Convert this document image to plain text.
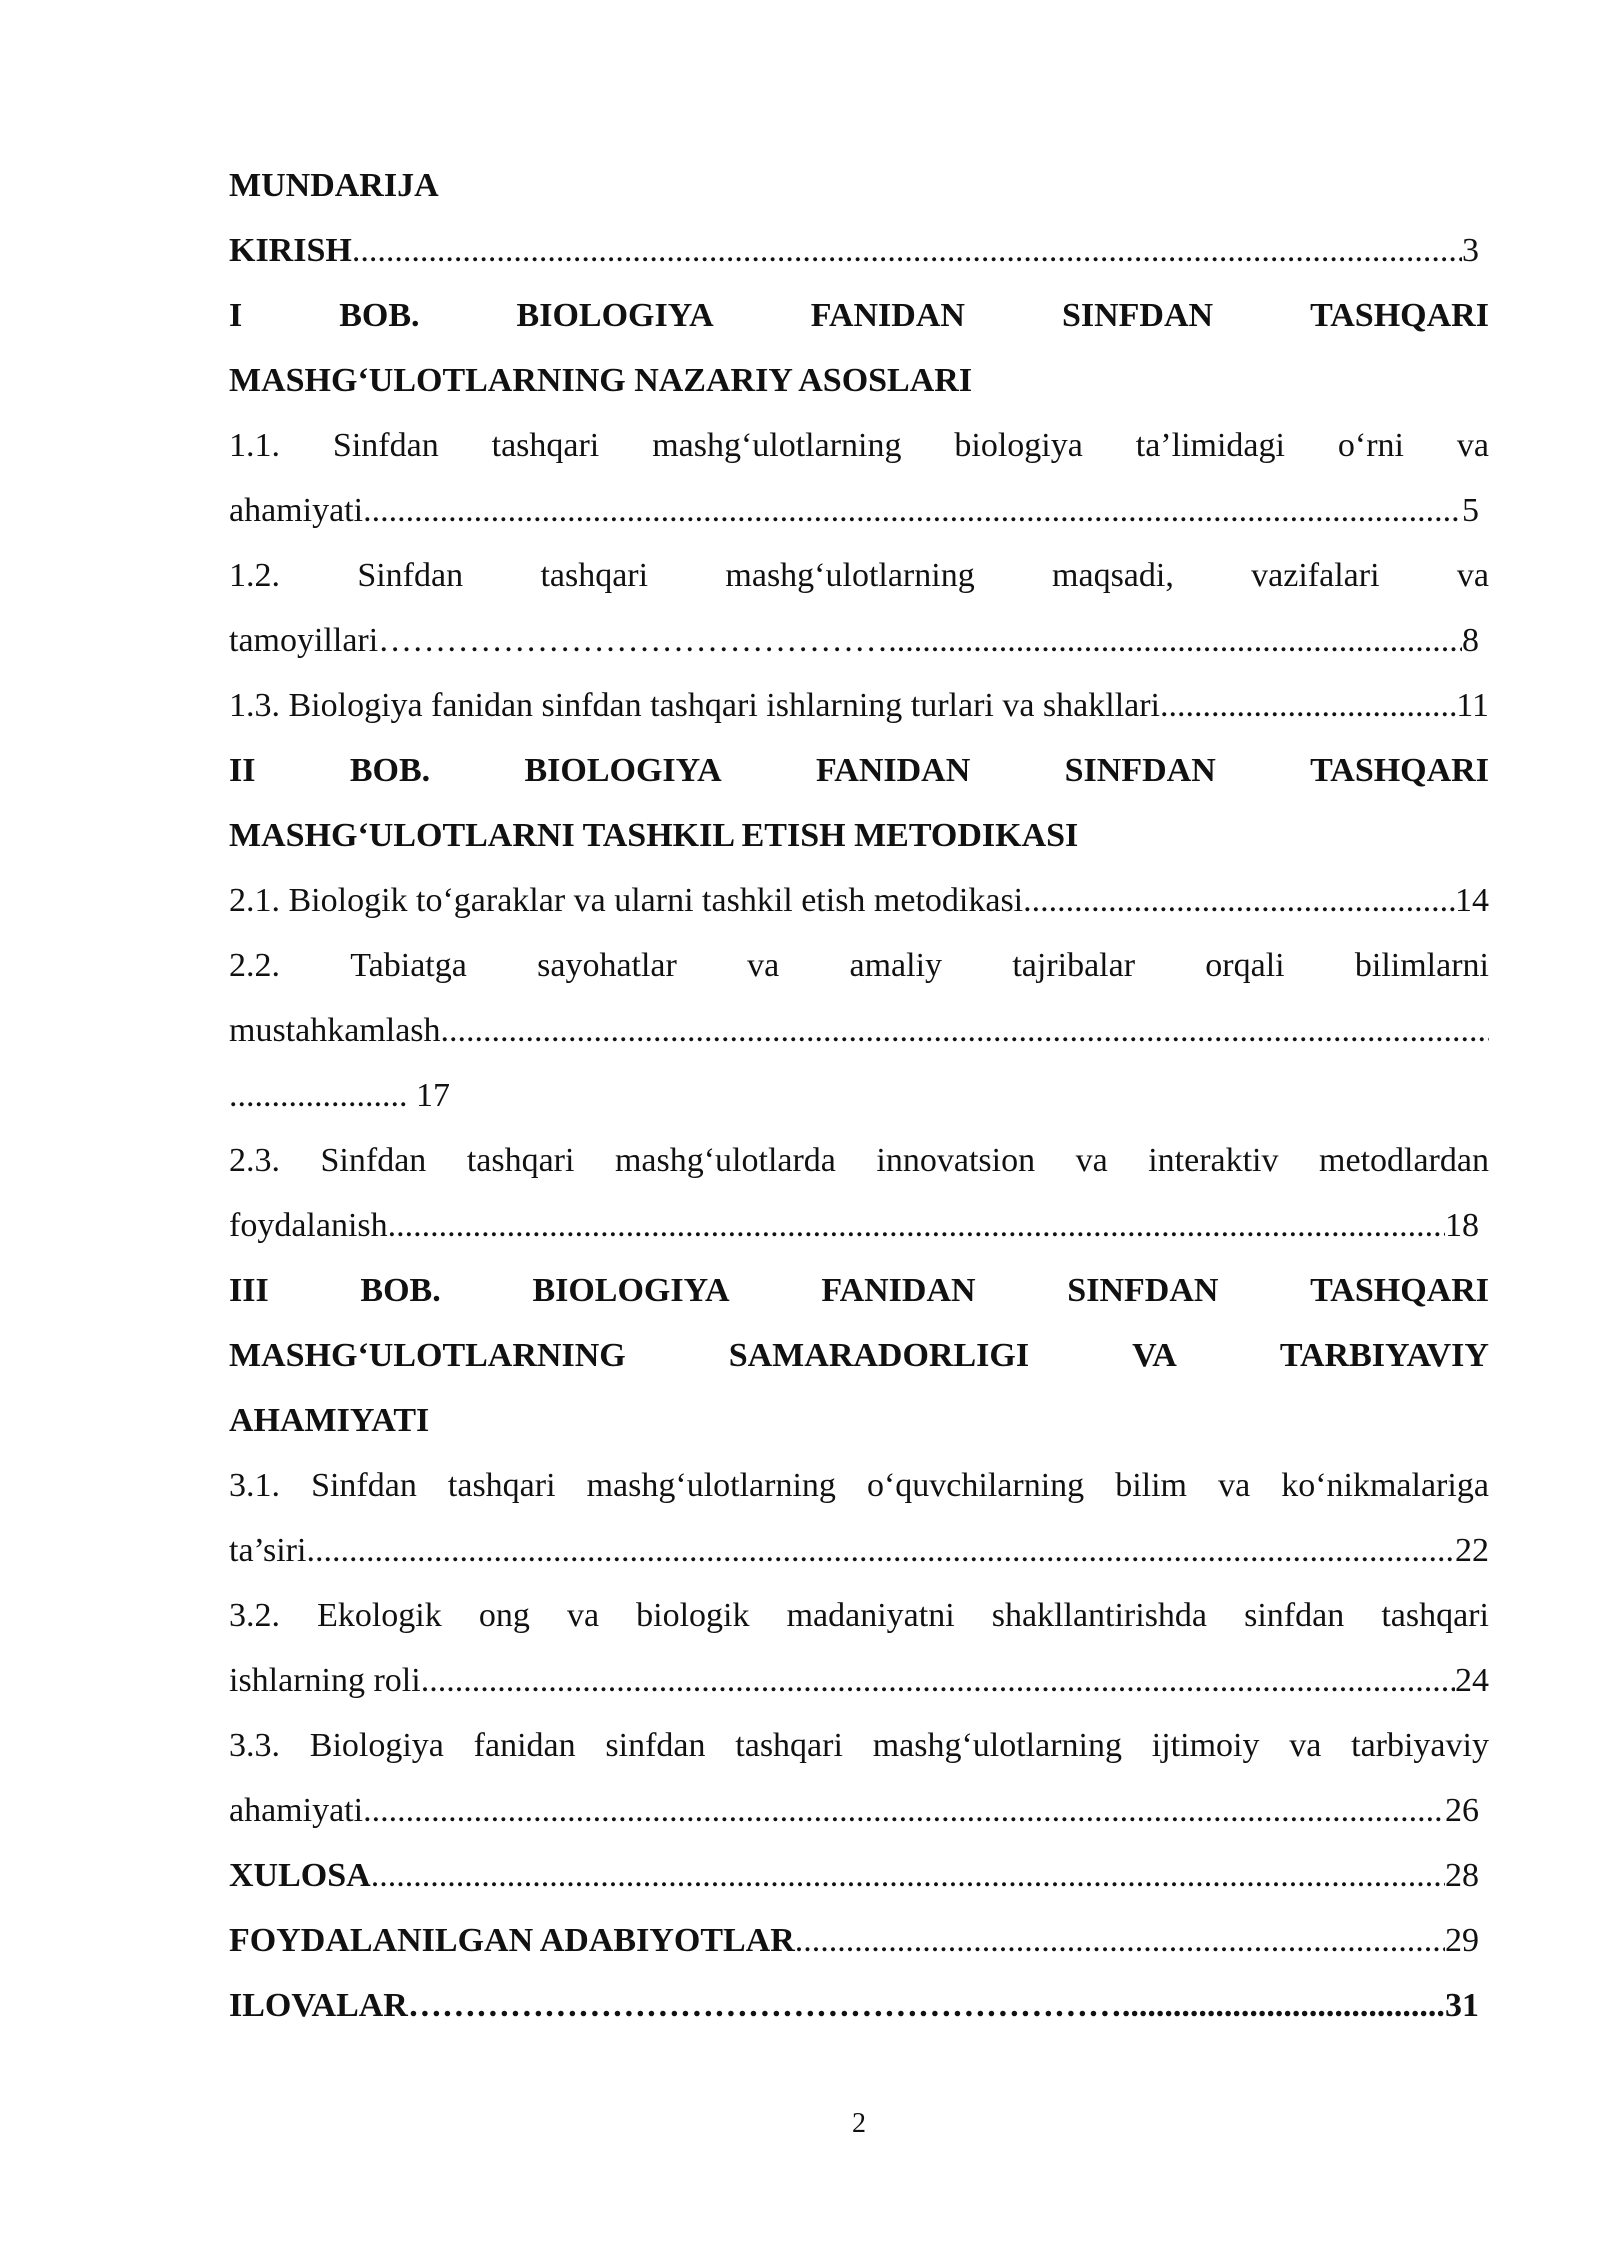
MUNDARIJA
KIRISH .....	3
I	BOB.	BIOLOGIYA	FANIDAN	SINFDAN	TASHQARI
MASHG‘ULOTLARNING NAZARIY ASOSLARI
1.1. Sinfdan tashqari mashg‘ulotlarning biologiya ta’limidagi o‘rni va
ahamiyati .....	5
1.2. Sinfdan tashqari mashg‘ulotlarning maqsadi, vazifalari va
tamoyillari……………………………………… .....	8
1.3. Biologiya fanidan sinfdan tashqari ishlarning turlari va shakllari .....	11
II	BOB.	BIOLOGIYA	FANIDAN	SINFDAN	TASHQARI
MASHG‘ULOTLARNI TASHKIL ETISH METODIKASI
2.1. Biologik to‘garaklar va ularni tashkil etish metodikasi .....	14
2.2. Tabiatga sayohatlar va amaliy tajribalar orqali bilimlarni
mustahkamlash
.....
..................... 17
2.3. Sinfdan tashqari mashg‘ulotlarda innovatsion va interaktiv metodlardan
foydalanish .....	18
III	BOB.	BIOLOGIYA	FANIDAN	SINFDAN	TASHQARI
MASHG‘ULOTLARNING	SAMARADORLIGI	VA	TARBIYAVIY
AHAMIYATI
3.1. Sinfdan tashqari mashg‘ulotlarning o‘quvchilarning bilim va ko‘nikmalariga
ta’siri .....	22
3.2. Ekologik ong va biologik madaniyatni shakllantirishda sinfdan tashqari
ishlarning roli .....	24
3.3. Biologiya fanidan sinfdan tashqari mashg‘ulotlarning ijtimoiy va tarbiyaviy
ahamiyati .....	26
XULOSA .....	28
FOYDALANILGAN ADABIYOTLAR .....	29
ILOVALAR……………………………………………………… .....	31
2
